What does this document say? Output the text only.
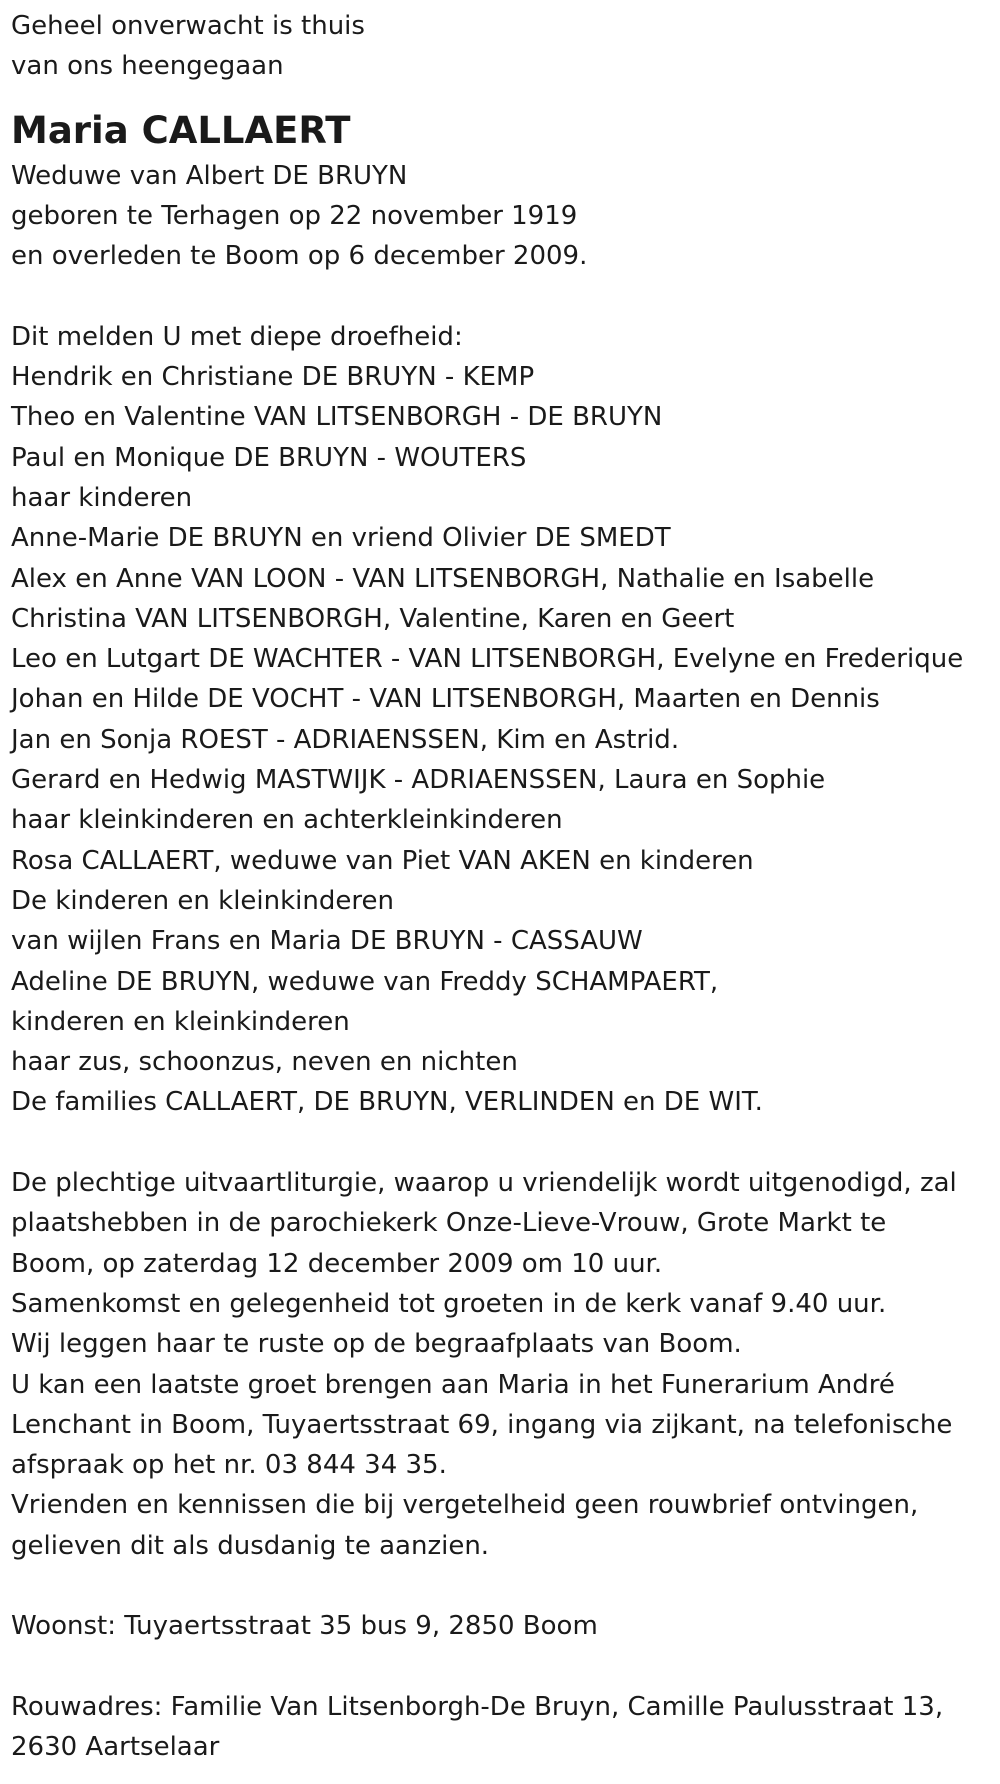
Geheel onverwacht is thuis

van ons heengegaan

Maria CALLAERT

Weduwe van Albert DE BRUYN

geboren te Terhagen op 22 november 1919

en overleden te Boom op 6 december 2009.

Dit melden U met diepe droefheid:

Hendrik en Christiane DE BRUYN - KEMP

Theo en Valentine VAN LITSENBORGH - DE BRUYN

Paul en Monique DE BRUYN - WOUTERS

haar kinderen

Anne-Marie DE BRUYN en vriend Olivier DE SMEDT

Alex en Anne VAN LOON - VAN LITSENBORGH, Nathalie en Isabelle

Christina VAN LITSENBORGH, Valentine, Karen en Geert

Leo en Lutgart DE WACHTER - VAN LITSENBORGH, Evelyne en Frederique

Johan en Hilde DE VOCHT - VAN LITSENBORGH, Maarten en Dennis

Jan en Sonja ROEST - ADRIAENSSEN, Kim en Astrid.

Gerard en Hedwig MASTWIJK - ADRIAENSSEN, Laura en Sophie

haar kleinkinderen en achterkleinkinderen

Rosa CALLAERT, weduwe van Piet VAN AKEN en kinderen

De kinderen en kleinkinderen

van wijlen Frans en Maria DE BRUYN - CASSAUW

Adeline DE BRUYN, weduwe van Freddy SCHAMPAERT,

kinderen en kleinkinderen

haar zus, schoonzus, neven en nichten

De families CALLAERT, DE BRUYN, VERLINDEN en DE WIT.

De plechtige uitvaartliturgie, waarop u vriendelijk wordt uitgenodigd, zal

plaatshebben in de parochiekerk Onze-Lieve-Vrouw, Grote Markt te

Boom, op zaterdag 12 december 2009 om 10 uur.

Samenkomst en gelegenheid tot groeten in de kerk vanaf 9.40 uur.

Wij leggen haar te ruste op de begraafplaats van Boom.

U kan een laatste groet brengen aan Maria in het Funerarium André

Lenchant in Boom, Tuyaertsstraat 69, ingang via zijkant, na telefonische

afspraak op het nr. 03 844 34 35.

Vrienden en kennissen die bij vergetelheid geen rouwbrief ontvingen,

gelieven dit als dusdanig te aanzien.

Woonst: Tuyaertsstraat 35 bus 9, 2850 Boom

Rouwadres: Familie Van Litsenborgh-De Bruyn, Camille Paulusstraat 13,

2630 Aartselaar
